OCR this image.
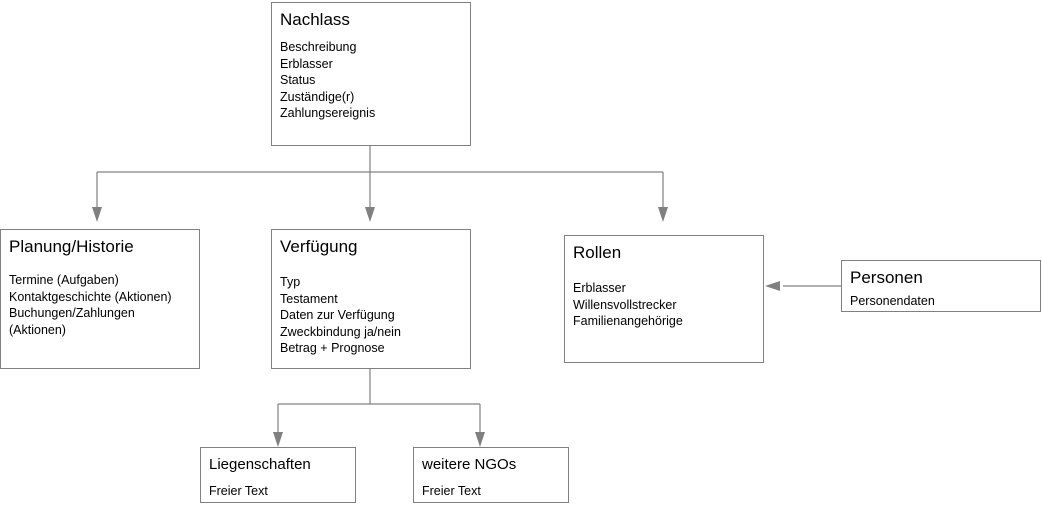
Nachlass
Beschreibung
Erblasser
Status
Zuständige(r)
Zahlungsereignis
Planung/Historie
Termine (Aufgaben)
Kontaktgeschichte (Aktionen)
Buchungen/Zahlungen
(Aktionen)
Verfügung
Typ
Testament
Daten zur Verfügung
Zweckbindung ja/nein
Betrag + Prognose
Rollen
Erblasser
Willensvollstrecker
Familienangehörige
Personen
Personendaten
Liegenschaften
Freier Text
weitere NGOs
Freier Text
